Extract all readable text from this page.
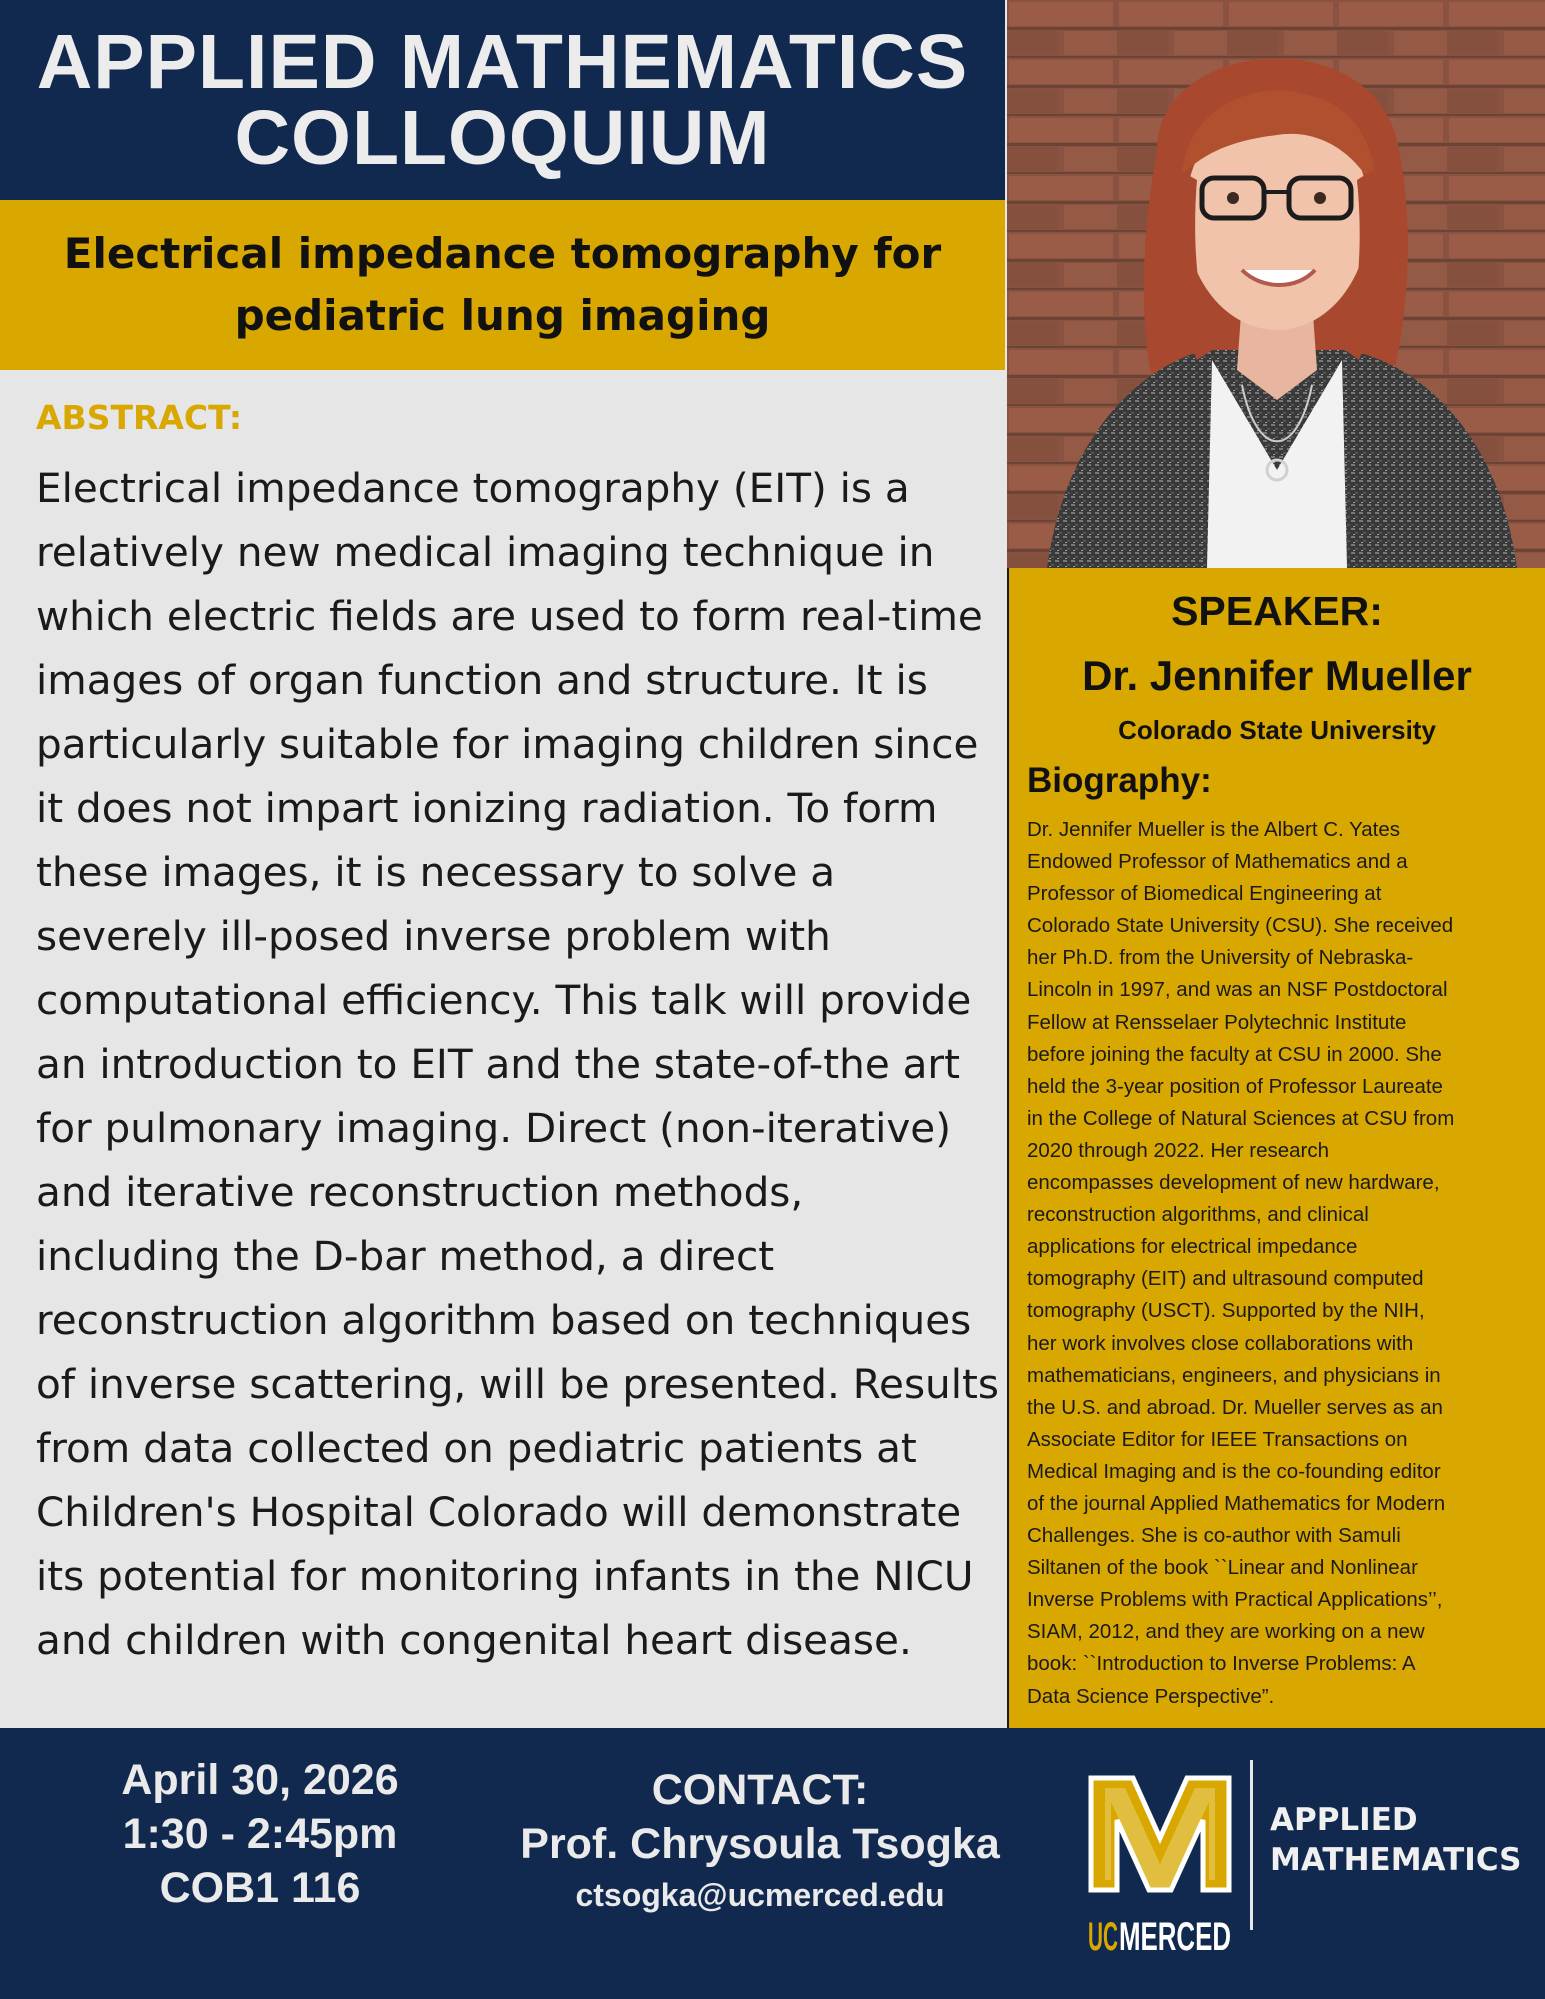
APPLIED MATHEMATICS
COLLOQUIUM
Electrical impedance tomography for
pediatric lung imaging
ABSTRACT:
Electrical impedance tomography (EIT) is a
relatively new medical imaging technique in
which electric fields are used to form real-time
images of organ function and structure. It is
particularly suitable for imaging children since
it does not impart ionizing radiation. To form
these images, it is necessary to solve a
severely ill-posed inverse problem with
computational efficiency. This talk will provide
an introduction to EIT and the state-of-the art
for pulmonary imaging. Direct (non-iterative)
and iterative reconstruction methods,
including the D-bar method, a direct
reconstruction algorithm based on techniques
of inverse scattering, will be presented. Results
from data collected on pediatric patients at
Children's Hospital Colorado will demonstrate
its potential for monitoring infants in the NICU
and children with congenital heart disease.
SPEAKER:
Dr. Jennifer Mueller
Colorado State University
Biography:
Dr. Jennifer Mueller is the Albert C. Yates
Endowed Professor of Mathematics and a
Professor of Biomedical Engineering at
Colorado State University (CSU). She received
her Ph.D. from the University of Nebraska-
Lincoln in 1997, and was an NSF Postdoctoral
Fellow at Rensselaer Polytechnic Institute
before joining the faculty at CSU in 2000. She
held the 3-year position of Professor Laureate
in the College of Natural Sciences at CSU from
2020 through 2022. Her research
encompasses development of new hardware,
reconstruction algorithms, and clinical
applications for electrical impedance
tomography (EIT) and ultrasound computed
tomography (USCT). Supported by the NIH,
her work involves close collaborations with
mathematicians, engineers, and physicians in
the U.S. and abroad. Dr. Mueller serves as an
Associate Editor for IEEE Transactions on
Medical Imaging and is the co-founding editor
of the journal Applied Mathematics for Modern
Challenges. She is co-author with Samuli
Siltanen of the book ``Linear and Nonlinear
Inverse Problems with Practical Applications’’,
SIAM, 2012, and they are working on a new
book: ``Introduction to Inverse Problems: A
Data Science Perspective”.
April 30, 2026
1:30 - 2:45pm
COB1 116
CONTACT:
Prof. Chrysoula Tsogka
ctsogka@ucmerced.edu
UC MERCED
APPLIED
MATHEMATICS
